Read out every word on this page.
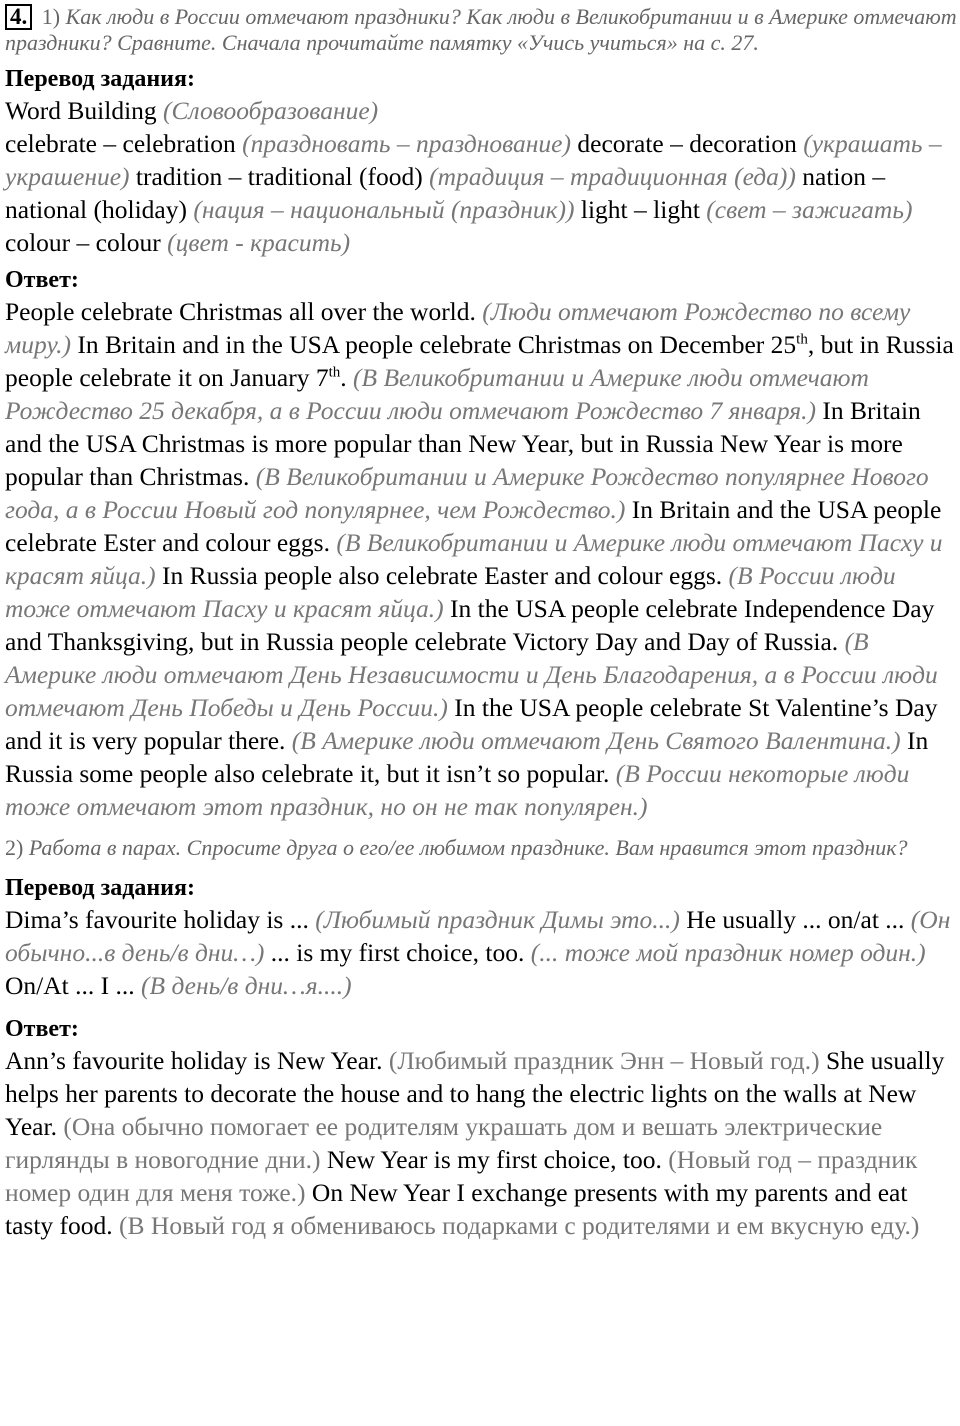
4. 1) Как люди в России отмечают праздники? Как люди в Великобритании и в Америке отмечают праздники? Сравните. Сначала прочитайте памятку «Учись учиться» на с. 27.

Перевод задания:

Word Building (Словообразование)

celebrate – celebration (праздновать – празднование) decorate – decoration (украшать – украшение) tradition – traditional (food) (традиция – традиционная (еда)) nation – national (holiday) (нация – национальный (праздник)) light – light (свет – зажигать) colour – colour (цвет - красить)

Ответ:

People celebrate Christmas all over the world. (Люди отмечают Рождество по всему миру.) In Britain and in the USA people celebrate Christmas on December 25th, but in Russia people celebrate it on January 7th. (В Великобритании и Америке люди отмечают Рождество 25 декабря, а в России люди отмечают Рождество 7 января.) In Britain and the USA Christmas is more popular than New Year, but in Russia New Year is more popular than Christmas. (В Великобритании и Америке Рождество популярнее Нового года, а в России Новый год популярнее, чем Рождество.) In Britain and the USA people celebrate Ester and colour eggs. (В Великобритании и Америке люди отмечают Пасху и красят яйца.) In Russia people also celebrate Easter and colour eggs. (В России люди тоже отмечают Пасху и красят яйца.) In the USA people celebrate Independence Day and Thanksgiving, but in Russia people celebrate Victory Day and Day of Russia. (В Америке люди отмечают День Независимости и День Благодарения, а в России люди отмечают День Победы и День России.) In the USA people celebrate St Valentine’s Day and it is very popular there. (В Америке люди отмечают День Святого Валентина.) In Russia some people also celebrate it, but it isn’t so popular. (В России некоторые люди тоже отмечают этот праздник, но он не так популярен.)

2) Работа в парах. Спросите друга о его/ее любимом празднике. Вам нравится этот праздник?

Перевод задания:

Dima’s favourite holiday is ... (Любимый праздник Димы это...) He usually ... on/at ... (Он обычно...в день/в дни…) ... is my first choice, too. (... тоже мой праздник номер один.) On/At ... I ... (В день/в дни…я....)

Ответ:

Ann’s favourite holiday is New Year. (Любимый праздник Энн – Новый год.) She usually helps her parents to decorate the house and to hang the electric lights on the walls at New Year. (Она обычно помогает ее родителям украшать дом и вешать электрические гирлянды в новогодние дни.) New Year is my first choice, too. (Новый год – праздник номер один для меня тоже.) On New Year I exchange presents with my parents and eat tasty food. (В Новый год я обмениваюсь подарками с родителями и ем вкусную еду.)
